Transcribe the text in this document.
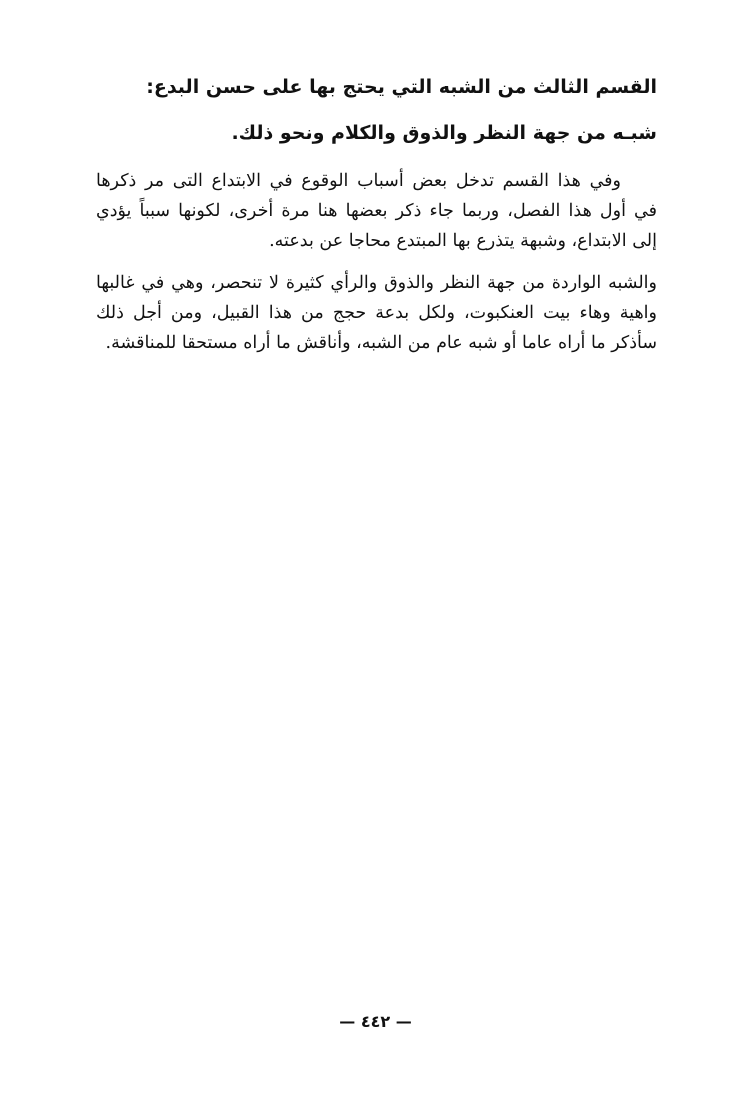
القسم الثالث من الشبه التي يحتج بها على حسن البدع:
شبـه من جهة النظر والذوق والكلام ونحو ذلك.
وفي هذا القسم تدخل بعض أسباب الوقوع في الابتداع التى مر ذكرها
في أول هذا الفصل، وربما جاء ذكر بعضها هنا مرة أخرى، لكونها سبباً يؤدي
إلى الابتداع، وشبهة يتذرع بها المبتدع محاجا عن بدعته.
والشبه الواردة من جهة النظر والذوق والرأي كثيرة لا تنحصر، وهي في غالبها
واهية وهاء بيت العنكبوت، ولكل بدعة حجج من هذا القبيل، ومن أجل ذلك
سأذكر ما أراه عاما أو شبه عام من الشبه، وأناقش ما أراه مستحقا للمناقشة.
— ٤٤٢ —
